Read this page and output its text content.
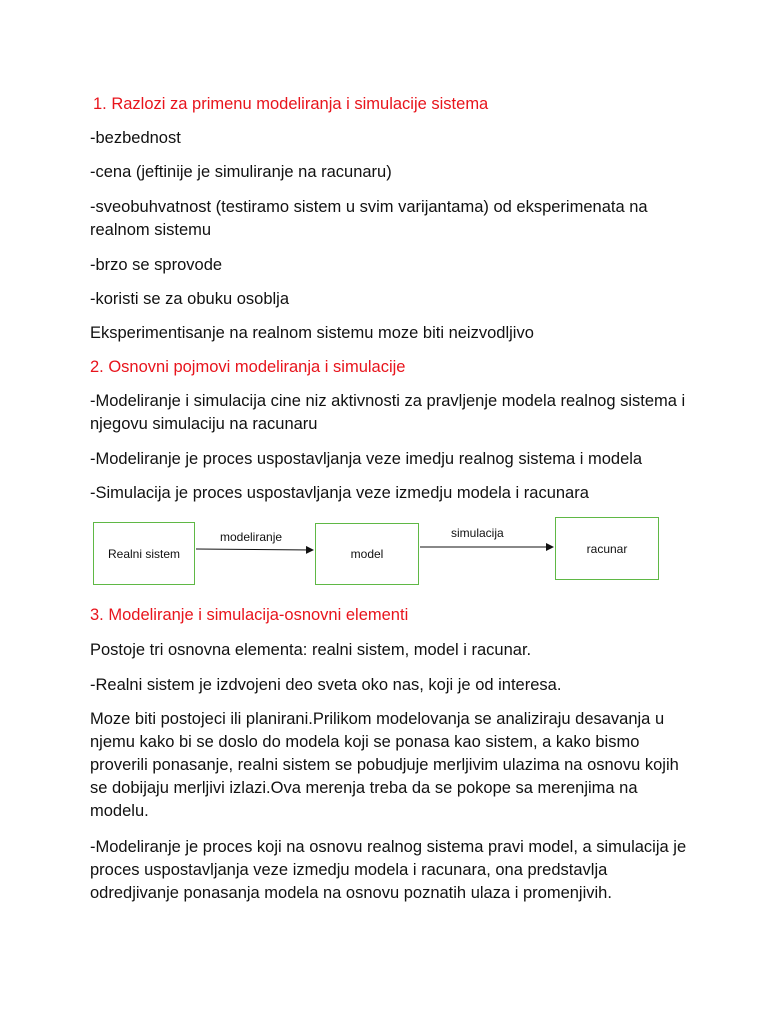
1. Razlozi za primenu modeliranja i simulacije sistema

-bezbednost

-cena (jeftinije je simuliranje na racunaru)

-sveobuhvatnost (testiramo sistem u svim varijantama) od eksperimenata na realnom sistemu

-brzo se sprovode

-koristi se za obuku osoblja

Eksperimentisanje na realnom sistemu moze biti neizvodljivo

2. Osnovni pojmovi modeliranja i simulacije

-Modeliranje i simulacija cine niz aktivnosti za pravljenje modela realnog sistema i njegovu simulaciju na racunaru

-Modeliranje je proces uspostavljanja veze imedju realnog sistema i modela

-Simulacija je proces uspostavljanja veze izmedju modela i racunara

Realni sistem	model	racunar
modeliranje	simulacija

3. Modeliranje i simulacija-osnovni elementi

Postoje tri osnovna elementa: realni sistem, model i racunar.

-Realni sistem je izdvojeni deo sveta oko nas, koji je od interesa.

Moze biti postojeci ili planirani.Prilikom modelovanja se analiziraju desavanja u njemu kako bi se doslo do modela koji se ponasa kao sistem, a kako bismo proverili ponasanje, realni sistem se pobudjuje merljivim ulazima na osnovu kojih se dobijaju merljivi izlazi.Ova merenja treba da se pokope sa merenjima na modelu.

-Modeliranje je proces koji na osnovu realnog sistema pravi model, a simulacija je proces uspostavljanja veze izmedju modela i racunara, ona predstavlja odredjivanje ponasanja modela na osnovu poznatih ulaza i promenjivih.
